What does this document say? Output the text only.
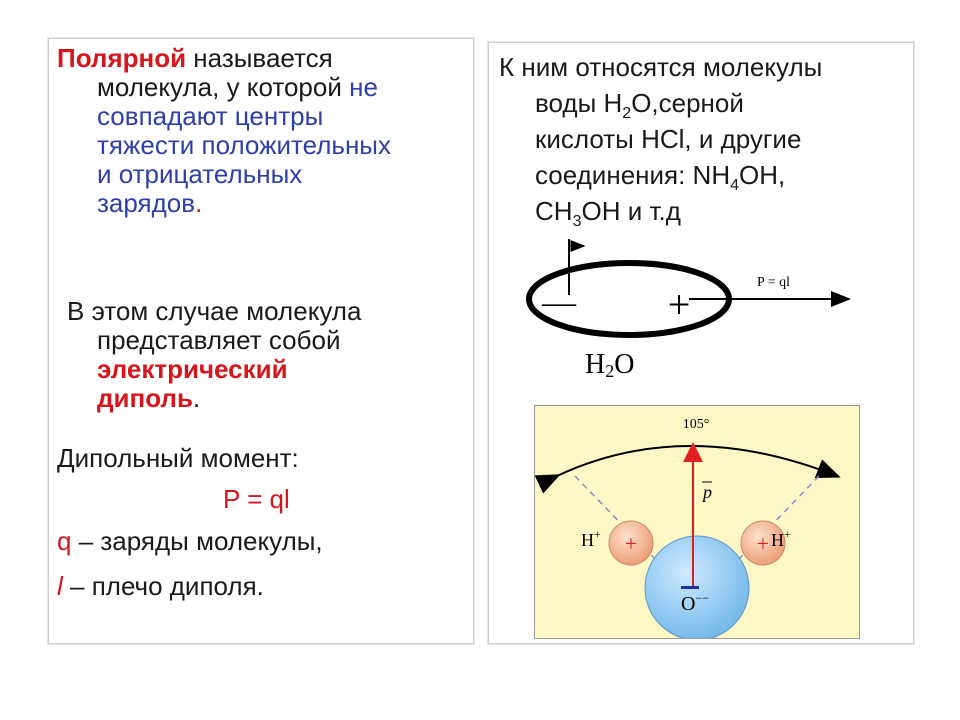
Полярной называется
молекула, у которой не
совпадают центры
тяжести положительных
и отрицательных
зарядов.
В этом случае молекула
представляет собой
электрический
диполь.
Дипольный момент:
P = ql
q – заряды молекулы,
l – плечо диполя.
К ним относятся молекулы
воды $H_2O,серной$
кислоты HCl, и другие
соединения: $NH_4OH$,
$CH_3OH$ и т.д
— +	P = ql
H2O
105°
+	+
p
H+	H+
O−−
